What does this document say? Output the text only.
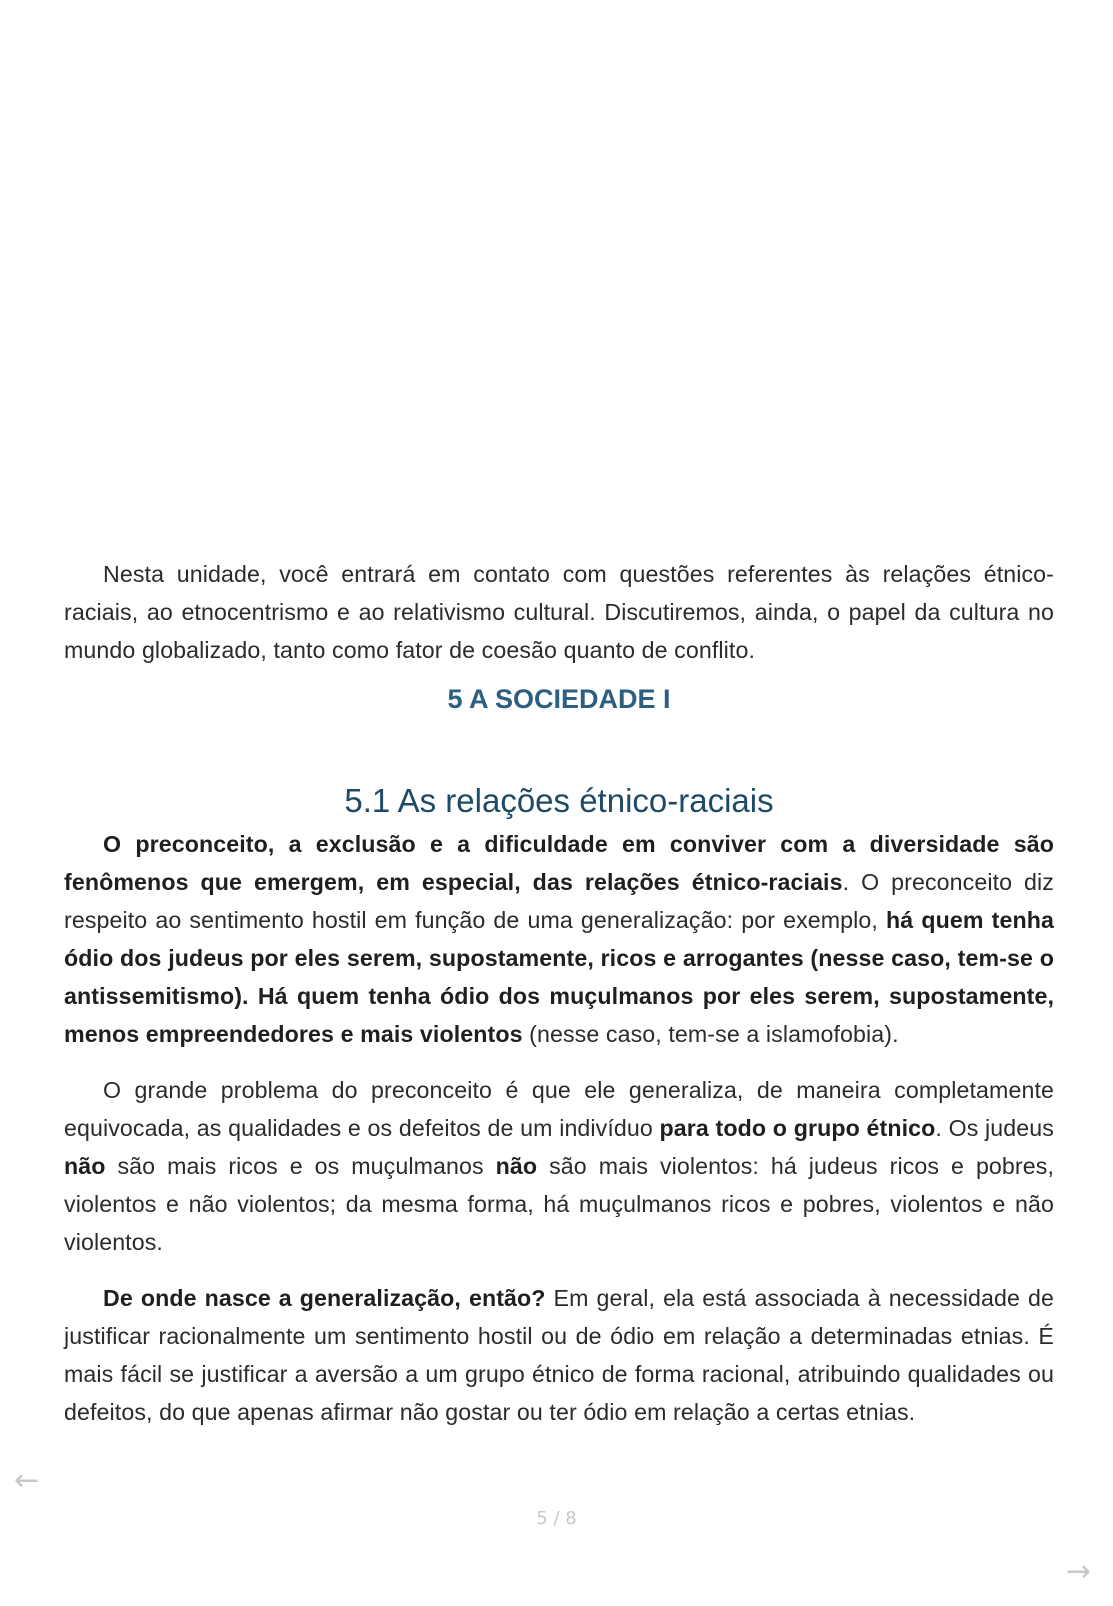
Nesta unidade, você entrará em contato com questões referentes às relações étnico-raciais, ao etnocentrismo e ao relativismo cultural. Discutiremos, ainda, o papel da cultura no mundo globalizado, tanto como fator de coesão quanto de conflito.

5 A SOCIEDADE I
5.1 As relações étnico-raciais

O preconceito, a exclusão e a dificuldade em conviver com a diversidade são fenômenos que emergem, em especial, das relações étnico-raciais. O preconceito diz respeito ao sentimento hostil em função de uma generalização: por exemplo, há quem tenha ódio dos judeus por eles serem, supostamente, ricos e arrogantes (nesse caso, tem-se o antissemitismo). Há quem tenha ódio dos muçulmanos por eles serem, supostamente, menos empreendedores e mais violentos (nesse caso, tem-se a islamofobia).

O grande problema do preconceito é que ele generaliza, de maneira completamente equivocada, as qualidades e os defeitos de um indivíduo para todo o grupo étnico. Os judeus não são mais ricos e os muçulmanos não são mais violentos: há judeus ricos e pobres, violentos e não violentos; da mesma forma, há muçulmanos ricos e pobres, violentos e não violentos.

De onde nasce a generalização, então? Em geral, ela está associada à necessidade de justificar racionalmente um sentimento hostil ou de ódio em relação a determinadas etnias. É mais fácil se justificar a aversão a um grupo étnico de forma racional, atribuindo qualidades ou defeitos, do que apenas afirmar não gostar ou ter ódio em relação a certas etnias.

5 / 8
←
→
